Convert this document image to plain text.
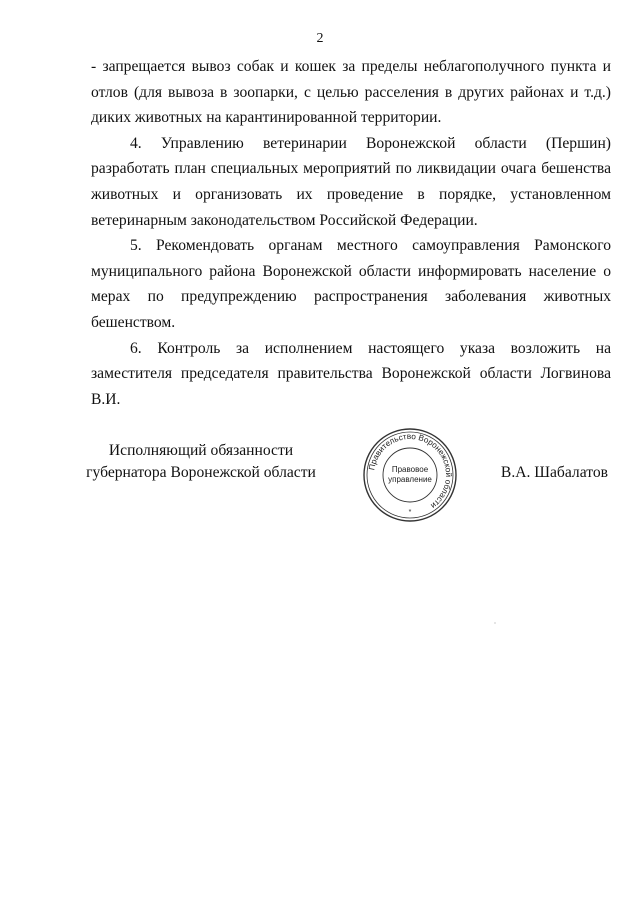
2

- запрещается вывоз собак и кошек за пределы неблагополучного пункта и отлов (для вывоза в зоопарки, с целью расселения в других районах и т.д.) диких животных на карантинированной территории.

4. Управлению ветеринарии Воронежской области (Першин) разработать план специальных мероприятий по ликвидации очага бешенства животных и организовать их проведение в порядке, установленном ветеринарным законодательством Российской Федерации.

5. Рекомендовать органам местного самоуправления Рамонского муниципального района Воронежской области информировать население о мерах по предупреждению распространения заболевания животных бешенством.

6. Контроль за исполнением настоящего указа возложить на заместителя председателя правительства Воронежской области Логвинова В.И.

Исполняющий обязанности
губернатора Воронежской области	В.А. Шабалатов
Правительство Воронежской области
Правовое
управление
*
